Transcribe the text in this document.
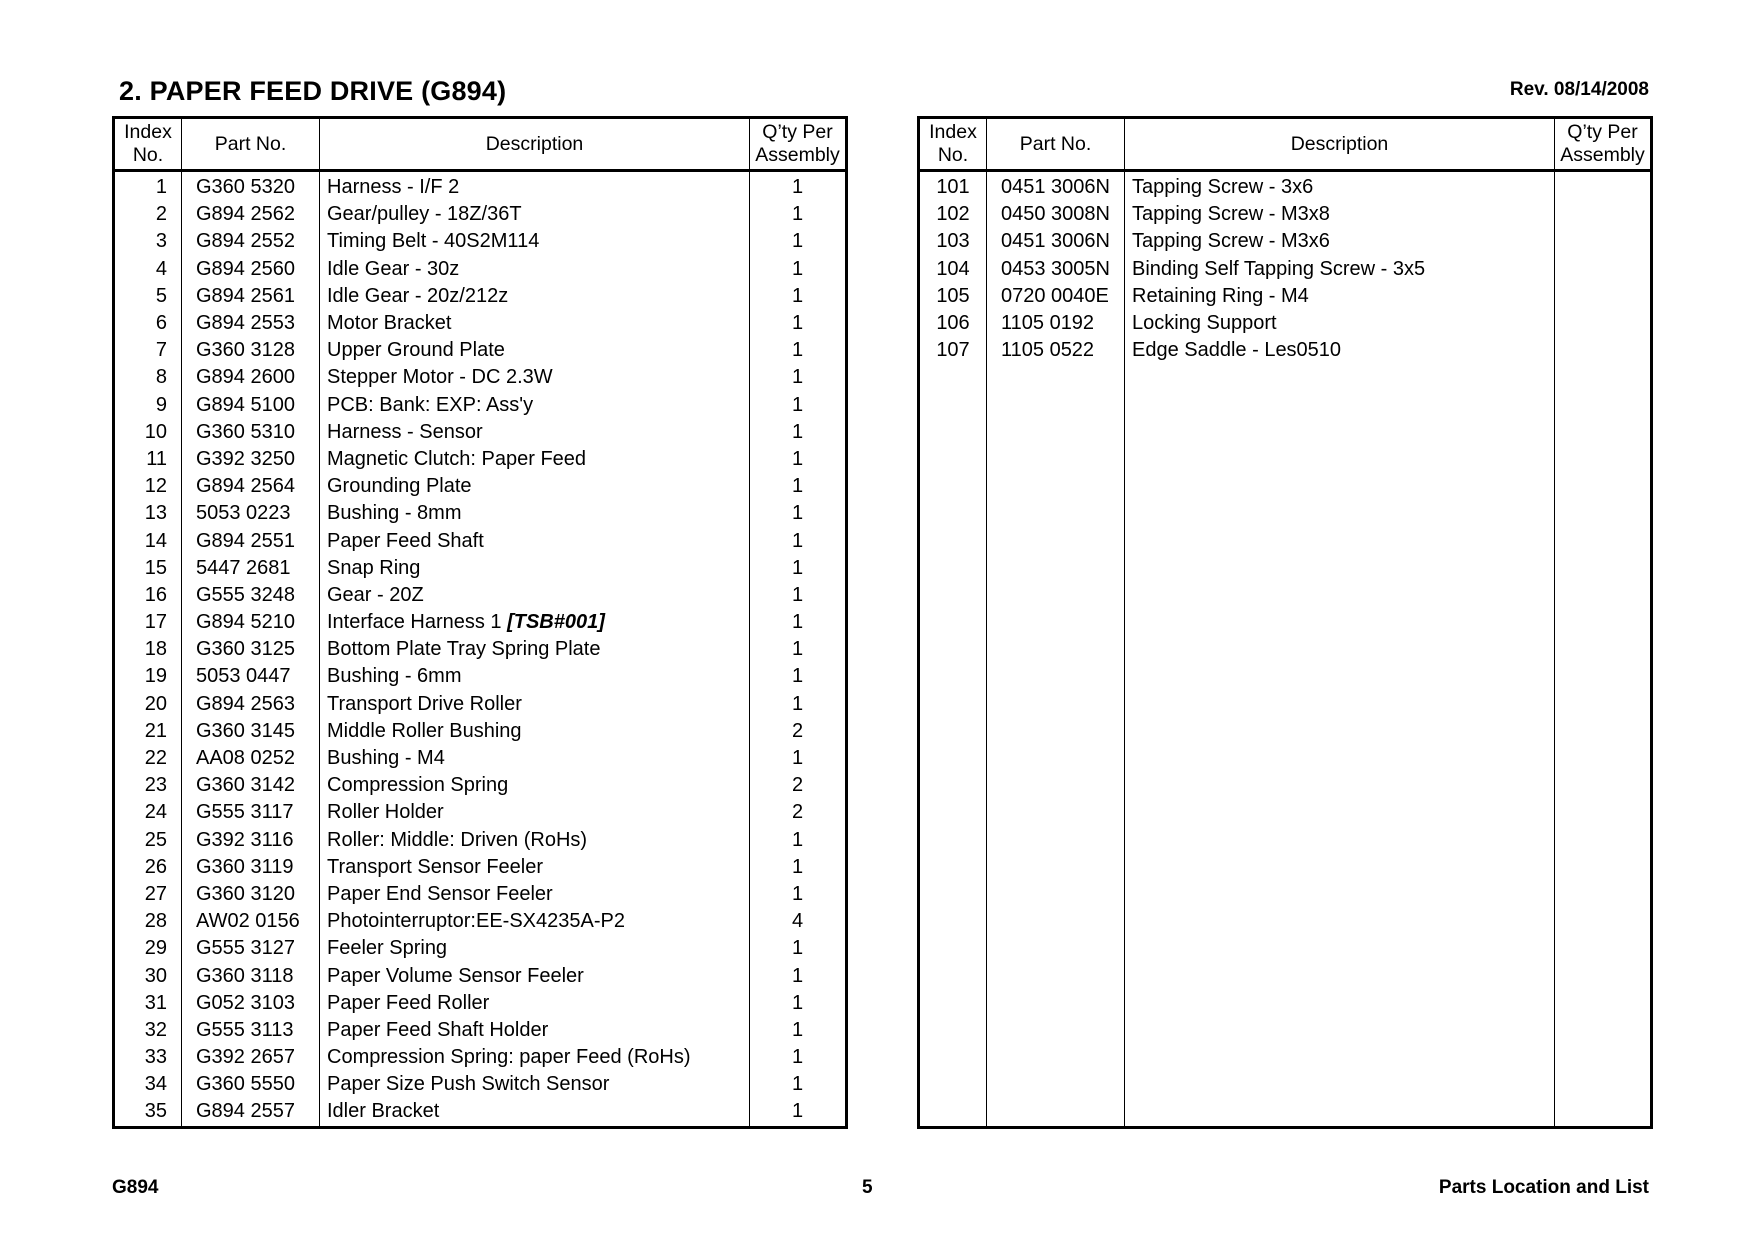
2. PAPER FEED DRIVE (G894)	Rev. 08/14/2008
Index
No.	Part No.	Description	Q’ty Per
Assembly
1	G360 5320	Harness - I/F 2	1
2	G894 2562	Gear/pulley - 18Z/36T	1
3	G894 2552	Timing Belt - 40S2M114	1
4	G894 2560	Idle Gear - 30z	1
5	G894 2561	Idle Gear - 20z/212z	1
6	G894 2553	Motor Bracket	1
7	G360 3128	Upper Ground Plate	1
8	G894 2600	Stepper Motor - DC 2.3W	1
9	G894 5100	PCB: Bank: EXP: Ass'y	1
10	G360 5310	Harness - Sensor	1
11	G392 3250	Magnetic Clutch: Paper Feed	1
12	G894 2564	Grounding Plate	1
13	5053 0223	Bushing - 8mm	1
14	G894 2551	Paper Feed Shaft	1
15	5447 2681	Snap Ring	1
16	G555 3248	Gear - 20Z	1
17	G894 5210	Interface Harness 1 [TSB#001]	1
18	G360 3125	Bottom Plate Tray Spring Plate	1
19	5053 0447	Bushing - 6mm	1
20	G894 2563	Transport Drive Roller	1
21	G360 3145	Middle Roller Bushing	2
22	AA08 0252	Bushing - M4	1
23	G360 3142	Compression Spring	2
24	G555 3117	Roller Holder	2
25	G392 3116	Roller: Middle: Driven (RoHs)	1
26	G360 3119	Transport Sensor Feeler	1
27	G360 3120	Paper End Sensor Feeler	1
28	AW02 0156	Photointerruptor:EE-SX4235A-P2	4
29	G555 3127	Feeler Spring	1
30	G360 3118	Paper Volume Sensor Feeler	1
31	G052 3103	Paper Feed Roller	1
32	G555 3113	Paper Feed Shaft Holder	1
33	G392 2657	Compression Spring: paper Feed (RoHs)	1
34	G360 5550	Paper Size Push Switch Sensor	1
35	G894 2557	Idler Bracket	1
Index
No.	Part No.	Description	Q’ty Per
Assembly
101	0451 3006N	Tapping Screw - 3x6	
102	0450 3008N	Tapping Screw - M3x8	
103	0451 3006N	Tapping Screw - M3x6	
104	0453 3005N	Binding Self Tapping Screw - 3x5	
105	0720 0040E	Retaining Ring - M4	
106	1105 0192	Locking Support	
107	1105 0522	Edge Saddle - Les0510	

G894	5	Parts Location and List
